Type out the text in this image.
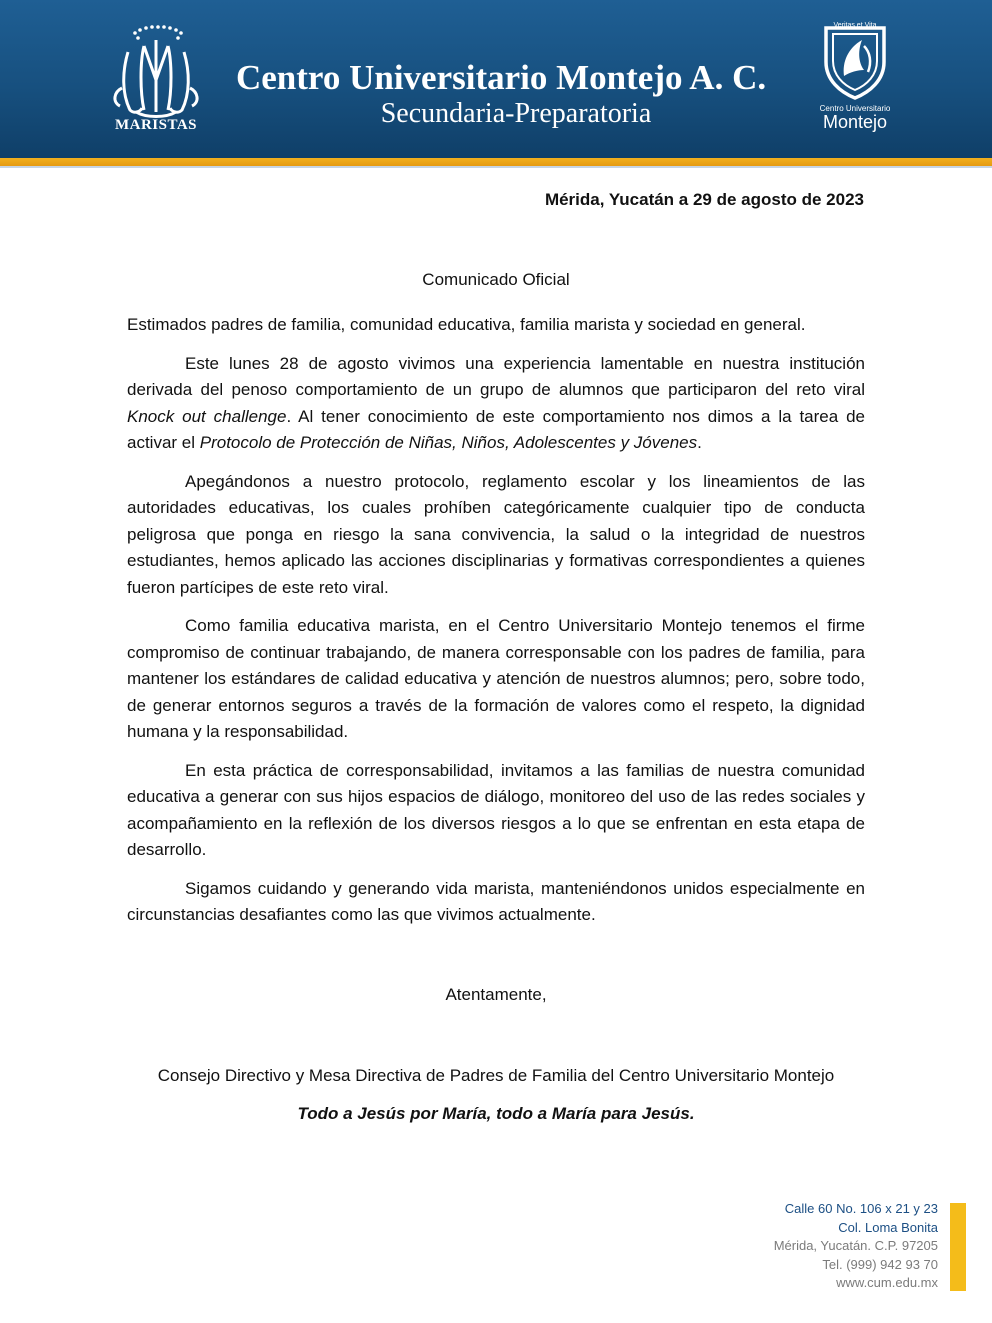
MARISTAS
Centro Universitario Montejo A. C.
Secundaria-Preparatoria
Veritas et Vita
Centro Universitario
Montejo
Mérida, Yucatán a 29 de agosto de 2023
Comunicado Oficial

Estimados padres de familia, comunidad educativa, familia marista y sociedad en general.

Este lunes 28 de agosto vivimos una experiencia lamentable en nuestra institución derivada del penoso comportamiento de un grupo de alumnos que participaron del reto viral Knock out challenge. Al tener conocimiento de este comportamiento nos dimos a la tarea de activar el Protocolo de Protección de Niñas, Niños, Adolescentes y Jóvenes.

Apegándonos a nuestro protocolo, reglamento escolar y los lineamientos de las autoridades educativas, los cuales prohíben categóricamente cualquier tipo de conducta peligrosa que ponga en riesgo la sana convivencia, la salud o la integridad de nuestros estudiantes, hemos aplicado las acciones disciplinarias y formativas correspondientes a quienes fueron partícipes de este reto viral.

Como familia educativa marista, en el Centro Universitario Montejo tenemos el firme compromiso de continuar trabajando, de manera corresponsable con los padres de familia, para mantener los estándares de calidad educativa y atención de nuestros alumnos; pero, sobre todo, de generar entornos seguros a través de la formación de valores como el respeto, la dignidad humana y la responsabilidad.

En esta práctica de corresponsabilidad, invitamos a las familias de nuestra comunidad educativa a generar con sus hijos espacios de diálogo, monitoreo del uso de las redes sociales y acompañamiento en la reflexión de los diversos riesgos a lo que se enfrentan en esta etapa de desarrollo.

Sigamos cuidando y generando vida marista, manteniéndonos unidos especialmente en circunstancias desafiantes como las que vivimos actualmente.

Atentamente,
Consejo Directivo y Mesa Directiva de Padres de Familia del Centro Universitario Montejo
Todo a Jesús por María, todo a María para Jesús.
Calle 60 No. 106 x 21 y 23
Col. Loma Bonita
Mérida, Yucatán. C.P. 97205
Tel. (999) 942 93 70
www.cum.edu.mx
